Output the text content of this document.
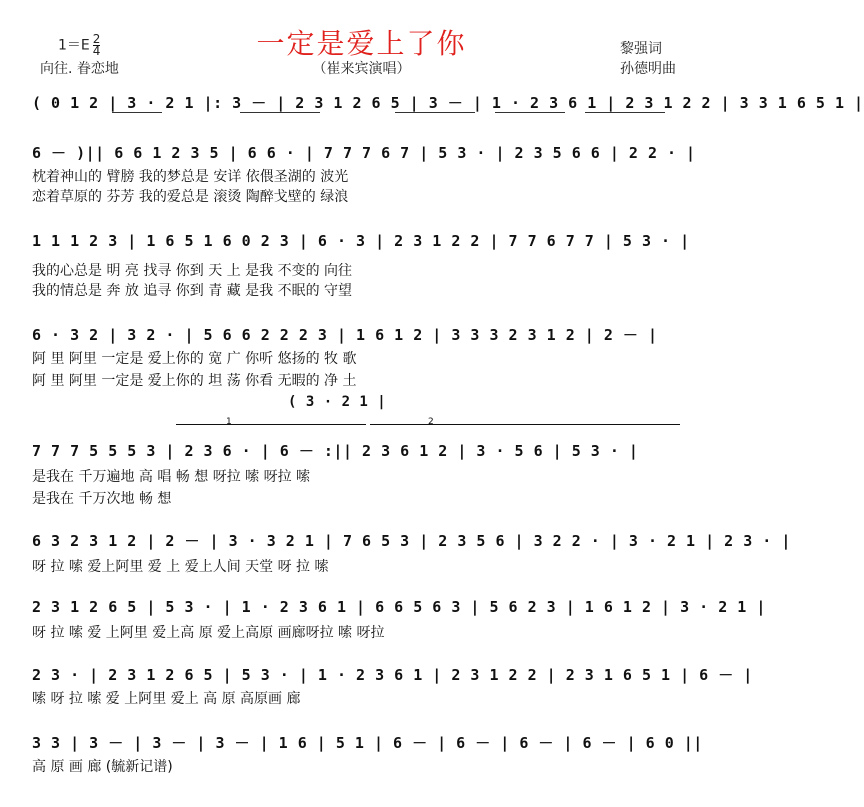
一定是爱上了你
$1=E \frac{2}{4}$
向往. 眷恋地	（崔来宾演唱）
黎强词
孙德明曲
( 0 1 2 | 3 · 2 1 |: 3 － | 2 3 1 2 6 5 | 3 － | 1 · 2 3 6 1 | 2 3 1 2 2 | 3 3 1 6 5 1 |
6 － )|| 6 6 1 2 3 5 | 6 6 · | 7 7 7 6 7 | 5 3 · | 2 3 5 6 6 | 2 2 · |
枕着神山的 臂膀 我的梦总是 安详 依偎圣湖的 波光
恋着草原的 芬芳 我的爱总是 滚烫 陶醉戈壁的 绿浪
1 1 1 2 3 | 1 6 5 1 6 0 2 3 | 6 · 3 | 2 3 1 2 2 | 7 7 6 7 7 | 5 3 · |
我的心总是 明 亮 找寻 你到 天 上 是我 不变的 向往
我的情总是 奔 放 追寻 你到 青 藏 是我 不眠的 守望
6 · 3 2 | 3 2 · | 5 6 6 2 2 2 3 | 1 6 1 2 | 3 3 3 2 3 1 2 | 2 － |
阿 里 阿里 一定是 爱上你的 宽 广 你听 悠扬的 牧 歌
阿 里 阿里 一定是 爱上你的 坦 荡 你看 无暇的 净 土
( 3 · 2 1 |
1	2
7 7 7 5 5 5 3 | 2 3 6 · | 6 － :|| 2 3 6 1 2 | 3 · 5 6 | 5 3 · |
是我在 千万遍地 高 唱 畅 想 呀拉 嗦 呀拉 嗦
是我在 千万次地 畅 想
6 3 2 3 1 2 | 2 － | 3 · 3 2 1 | 7 6 5 3 | 2 3 5 6 | 3 2 2 · | 3 · 2 1 | 2 3 · |
呀 拉 嗦 爱上阿里 爱 上 爱上人间 天堂 呀 拉 嗦
2 3 1 2 6 5 | 5 3 · | 1 · 2 3 6 1 | 6 6 5 6 3 | 5 6 2 3 | 1 6 1 2 | 3 · 2 1 |
呀 拉 嗦 爱 上阿里 爱上高 原 爱上高原 画廊呀拉 嗦 呀拉
2 3 · | 2 3 1 2 6 5 | 5 3 · | 1 · 2 3 6 1 | 2 3 1 2 2 | 2 3 1 6 5 1 | 6 － |
嗦 呀 拉 嗦 爱 上阿里 爱上 高 原 高原画 廊
3 3 | 3 － | 3 － | 3 － | 1 6 | 5 1 | 6 － | 6 － | 6 － | 6 － | 6 0 ||
高 原 画 廊 (毓新记谱)
